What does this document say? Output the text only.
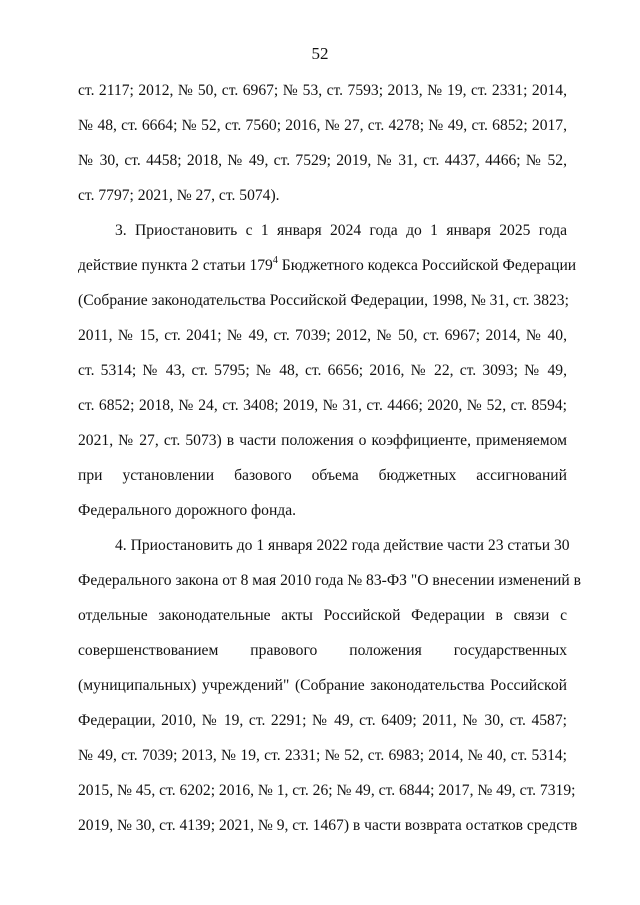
52
ст. 2117; 2012, № 50, ст. 6967; № 53, ст. 7593; 2013, № 19, ст. 2331; 2014,
№ 48, ст. 6664; № 52, ст. 7560; 2016, № 27, ст. 4278; № 49, ст. 6852; 2017,
№ 30, ст. 4458; 2018, № 49, ст. 7529; 2019, № 31, ст. 4437, 4466; № 52,
ст. 7797; 2021, № 27, ст. 5074).
3. Приостановить с 1 января 2024 года до 1 января 2025 года
действие пункта 2 статьи $179^4$ Бюджетного кодекса Российской Федерации
(Собрание законодательства Российской Федерации, 1998, № 31, ст. 3823;
2011, № 15, ст. 2041; № 49, ст. 7039; 2012, № 50, ст. 6967; 2014, № 40,
ст. 5314; № 43, ст. 5795; № 48, ст. 6656; 2016, № 22, ст. 3093; № 49,
ст. 6852; 2018, № 24, ст. 3408; 2019, № 31, ст. 4466; 2020, № 52, ст. 8594;
2021, № 27, ст. 5073) в части положения о коэффициенте, применяемом
при установлении базового объема бюджетных ассигнований
Федерального дорожного фонда.
4. Приостановить до 1 января 2022 года действие части 23 статьи 30
Федерального закона от 8 мая 2010 года № 83-ФЗ "О внесении изменений в
отдельные законодательные акты Российской Федерации в связи с
совершенствованием правового положения государственных
(муниципальных) учреждений" (Собрание законодательства Российской
Федерации, 2010, № 19, ст. 2291; № 49, ст. 6409; 2011, № 30, ст. 4587;
№ 49, ст. 7039; 2013, № 19, ст. 2331; № 52, ст. 6983; 2014, № 40, ст. 5314;
2015, № 45, ст. 6202; 2016, № 1, ст. 26; № 49, ст. 6844; 2017, № 49, ст. 7319;
2019, № 30, ст. 4139; 2021, № 9, ст. 1467) в части возврата остатков средств
